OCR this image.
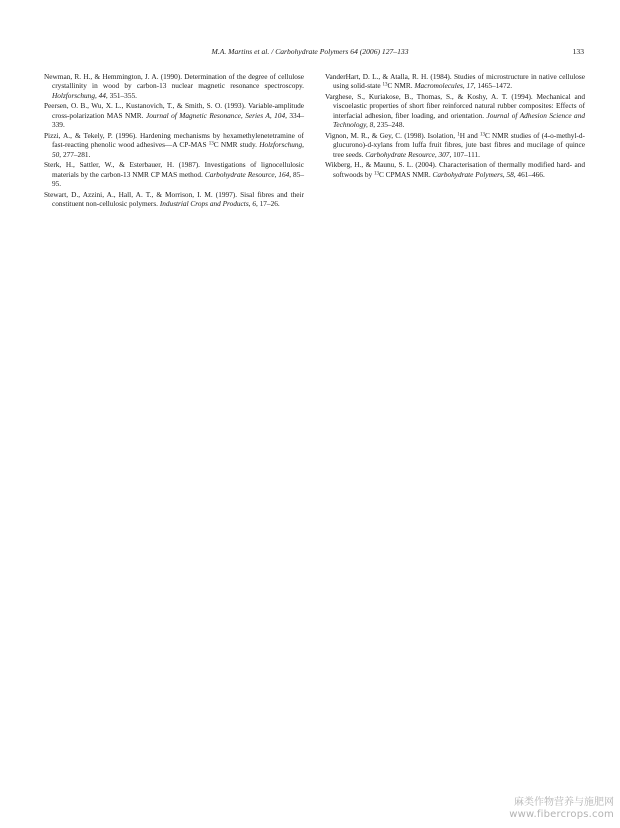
M.A. Martins et al. / Carbohydrate Polymers 64 (2006) 127–133	133

Newman, R. H., & Hemmington, J. A. (1990). Determination of the degree of cellulose crystallinity in wood by carbon-13 nuclear magnetic resonance spectroscopy. Holzforschung, 44, 351–355.

Peersen, O. B., Wu, X. L., Kustanovich, T., & Smith, S. O. (1993). Variable-amplitude cross-polarization MAS NMR. Journal of Magnetic Resonance, Series A, 104, 334–339.

Pizzi, A., & Tekely, P. (1996). Hardening mechanisms by hexamethylenetetramine of fast-reacting phenolic wood adhesives—A CP-MAS $^{13}$C NMR study. Holzforschung, 50, 277–281.

Sterk, H., Sattler, W., & Esterbauer, H. (1987). Investigations of lignocellulosic materials by the carbon-13 NMR CP MAS method. Carbohydrate Resource, 164, 85–95.

Stewart, D., Azzini, A., Hall, A. T., & Morrison, I. M. (1997). Sisal fibres and their constituent non-cellulosic polymers. Industrial Crops and Products, 6, 17–26.

VanderHart, D. L., & Atalla, R. H. (1984). Studies of microstructure in native cellulose using solid-state $^{13}$C NMR. Macromolecules, 17, 1465–1472.

Varghese, S., Kuriakose, B., Thomas, S., & Koshy, A. T. (1994). Mechanical and viscoelastic properties of short fiber reinforced natural rubber composites: Effects of interfacial adhesion, fiber loading, and orientation. Journal of Adhesion Science and Technology, 8, 235–248.

Vignon, M. R., & Gey, C. (1998). Isolation, $^1$H and $^{13}$C NMR studies of (4-o-methyl-d-glucurono)-d-xylans from luffa fruit fibres, jute bast fibres and mucilage of quince tree seeds. Carbohydrate Resource, 307, 107–111.

Wikberg, H., & Maunu, S. L. (2004). Characterisation of thermally modified hard- and softwoods by $^{13}$C CPMAS NMR. Carbohydrate Polymers, 58, 461–466.

麻类作物营养与施肥网
www.fibercrops.com
